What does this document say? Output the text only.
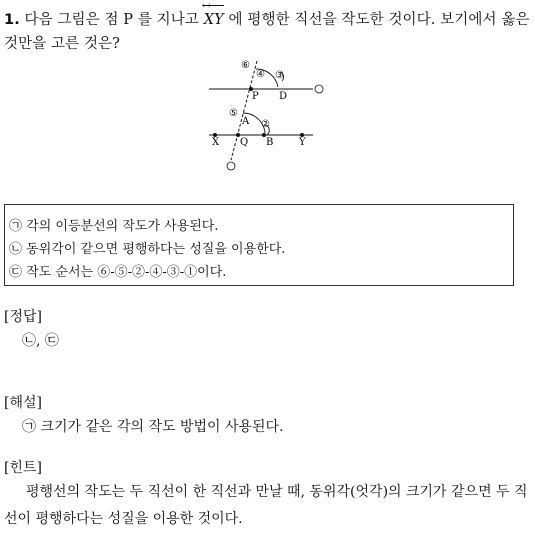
1. 다음 그림은 점 P 를 지나고 XY ↔ 에 평행한 직선을 작도한 것이다. 보기에서 옳은 것만을 고른 것은?
⑥
④ ③
P D
⑤
A ②
X Q B	Y
㉠ 각의 이등분선의 작도가 사용된다.
㉡ 동위각이 같으면 평행하다는 성질을 이용한다.
㉢ 작도 순서는 ⑥-⑤-②-④-③-①이다.
[정답]
㉡, ㉢
[해설]
㉠ 크기가 같은 각의 작도 방법이 사용된다.
[힌트]
평행선의 작도는 두 직선이 한 직선과 만날 때, 동위각(엇각)의 크기가 같으면 두 직선이 평행하다는 성질을 이용한 것이다.
